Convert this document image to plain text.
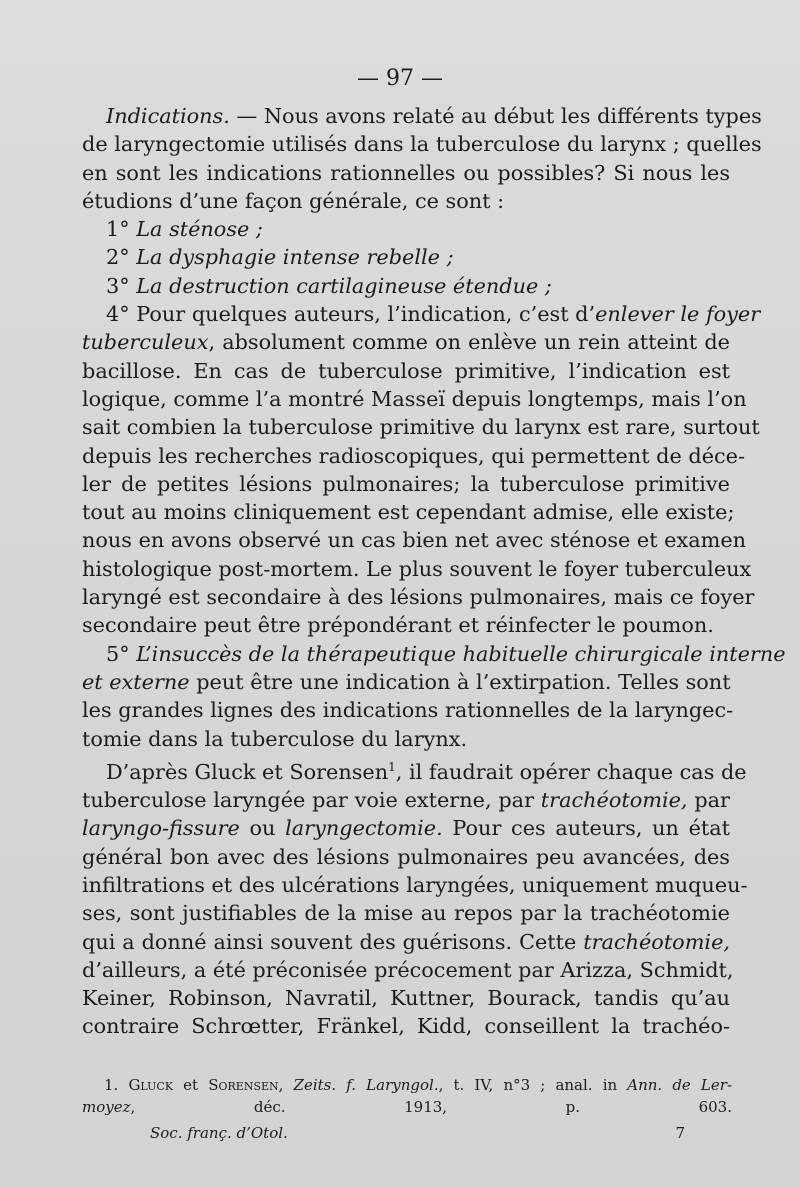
— 97 —
Indications. — Nous avons relaté au début les différents types
de laryngectomie utilisés dans la tuberculose du larynx ; quelles
en sont les indications rationnelles ou possibles? Si nous les
étudions d’une façon générale, ce sont :
1° La sténose ;
2° La dysphagie intense rebelle ;
3° La destruction cartilagineuse étendue ;
4° Pour quelques auteurs, l’indication, c’est d’enlever le foyer
tuberculeux, absolument comme on enlève un rein atteint de
bacillose. En cas de tuberculose primitive, l’indication est
logique, comme l’a montré Masseï depuis longtemps, mais l’on
sait combien la tuberculose primitive du larynx est rare, surtout
depuis les recherches radioscopiques, qui permettent de déce-
ler de petites lésions pulmonaires; la tuberculose primitive
tout au moins cliniquement est cependant admise, elle existe;
nous en avons observé un cas bien net avec sténose et examen
histologique post-mortem. Le plus souvent le foyer tuberculeux
laryngé est secondaire à des lésions pulmonaires, mais ce foyer
secondaire peut être prépondérant et réinfecter le poumon.
5° L’insuccès de la thérapeutique habituelle chirurgicale interne
et externe peut être une indication à l’extirpation. Telles sont
les grandes lignes des indications rationnelles de la laryngec-
tomie dans la tuberculose du larynx.
D’après Gluck et Sorensen$^1$, il faudrait opérer chaque cas de
tuberculose laryngée par voie externe, par trachéotomie, par
laryngo-fissure ou laryngectomie. Pour ces auteurs, un état
général bon avec des lésions pulmonaires peu avancées, des
infiltrations et des ulcérations laryngées, uniquement muqueu-
ses, sont justifiables de la mise au repos par la trachéotomie
qui a donné ainsi souvent des guérisons. Cette trachéotomie,
d’ailleurs, a été préconisée précocement par Arizza, Schmidt,
Keiner, Robinson, Navratil, Kuttner, Bourack, tandis qu’au
contraire Schrœtter, Fränkel, Kidd, conseillent la trachéo-
1. Gluck et Sorensen, Zeits. f. Laryngol., t. IV, n°3 ; anal. in Ann. de Ler-
moyez, déc. 1913, p. 603.
Soc. franç. d’Otol.	7
